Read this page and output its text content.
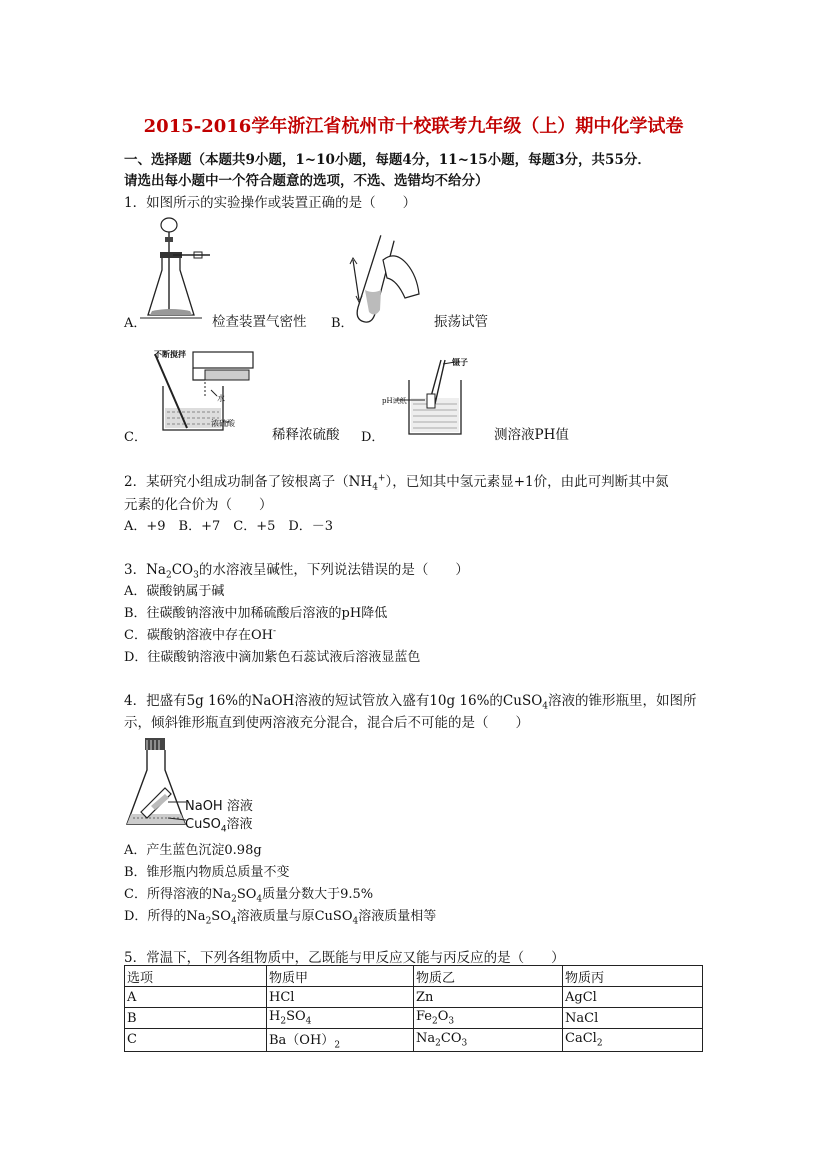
2015-2016学年浙江省杭州市十校联考九年级（上）期中化学试卷
一、选择题（本题共9小题，1~10小题，每题4分，11~15小题，每题3分，共55分．
请选出每小题中一个符合题意的选项，不选、选错均不给分）
1．如图所示的实验操作或装置正确的是（　　）
A．	检查装置气密性 B．	振荡试管
不断搅拌
水
浓硫酸
C．	稀释浓硫酸
镊子
pH试纸
D．	测溶液PH值
2．某研究小组成功制备了铵根离子$(NH_4^+)$，已知其中氢元素显+1价，由此可判断其中氮
元素的化合价为（　　）
A．+9　B．+7　C．+5　D．－3
3．$Na_2CO_3$的水溶液呈碱性，下列说法错误的是（　　）
A．碳酸钠属于碱
B．往碳酸钠溶液中加稀硫酸后溶液的pH降低
C．碳酸钠溶液中存在OH-
D．往碳酸钠溶液中滴加紫色石蕊试液后溶液显蓝色
4．把盛有5g 16%的NaOH溶液的短试管放入盛有10g 16%的CuSO$_4$溶液的锥形瓶里，如图所
示，倾斜锥形瓶直到使两溶液充分混合，混合后不可能的是（　　）
NaOH 溶液
CuSO$_4$溶液
A．产生蓝色沉淀0.98g
B．锥形瓶内物质总质量不变
C．所得溶液的$Na_2SO_4$质量分数大于9.5%
D．所得的$Na_2SO_4$溶液质量与原CuSO$_4$溶液质量相等
5．常温下，下列各组物质中，乙既能与甲反应又能与丙反应的是（　　）
选项	物质甲	物质乙	物质丙
A	HCl	Zn	AgCl
B	$H_2SO_4$	$Fe_2O_3$	NaCl
C	$Ba(OH)_2$	$Na_2CO_3$	CaCl$_2$
